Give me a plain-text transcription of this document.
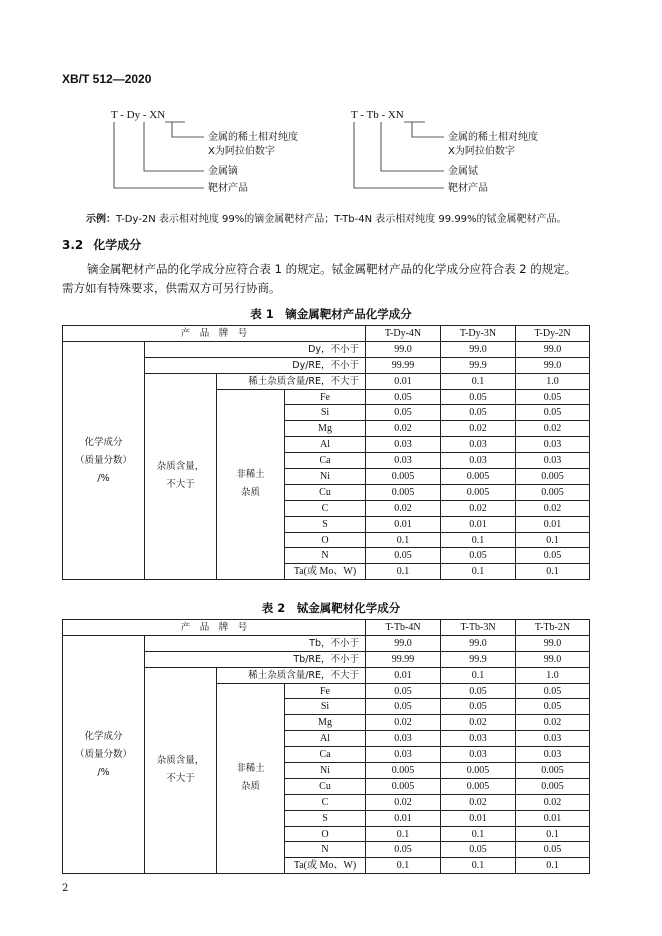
XB/T 512—2020
T - Dy - XN
金属的稀土相对纯度
X为阿拉伯数字
金属镝
靶材产品
T - Tb - XN
金属的稀土相对纯度
X为阿拉伯数字
金属铽
靶材产品
示例：T-Dy-2N 表示相对纯度 99%的镝金属靶材产品；T-Tb-4N 表示相对纯度 99.99%的铽金属靶材产品。
3.2 化学成分
镝金属靶材产品的化学成分应符合表 1 的规定。铽金属靶材产品的化学成分应符合表 2 的规定。
需方如有特殊要求，供需双方可另行协商。
表 1　镝金属靶材产品化学成分
产　品　牌　号				T-Dy-4N	T-Dy-3N	T-Dy-2N
化学成分
（质量分数）
/%	Dy，不小于			99.0	99.0	99.0
	Dy/RE，不小于			99.99	99.9	99.0
	杂质含量，
不大于	稀土杂质含量/RE，不大于		0.01	0.1	1.0
		非稀土
杂质	Fe	0.05	0.05	0.05
			Si	0.05	0.05	0.05
			Mg	0.02	0.02	0.02
			Al	0.03	0.03	0.03
			Ca	0.03	0.03	0.03
			Ni	0.005	0.005	0.005
			Cu	0.005	0.005	0.005
			C	0.02	0.02	0.02
			S	0.01	0.01	0.01
			O	0.1	0.1	0.1
			N	0.05	0.05	0.05
			Ta(或 Mo、W)	0.1	0.1	0.1
表 2　铽金属靶材化学成分
产　品　牌　号				T-Tb-4N	T-Tb-3N	T-Tb-2N
化学成分
（质量分数）
/%	Tb，不小于			99.0	99.0	99.0
	Tb/RE，不小于			99.99	99.9	99.0
	杂质含量，
不大于	稀土杂质含量/RE，不大于		0.01	0.1	1.0
		非稀土
杂质	Fe	0.05	0.05	0.05
			Si	0.05	0.05	0.05
			Mg	0.02	0.02	0.02
			Al	0.03	0.03	0.03
			Ca	0.03	0.03	0.03
			Ni	0.005	0.005	0.005
			Cu	0.005	0.005	0.005
			C	0.02	0.02	0.02
			S	0.01	0.01	0.01
			O	0.1	0.1	0.1
			N	0.05	0.05	0.05
			Ta(或 Mo、W)	0.1	0.1	0.1
2
